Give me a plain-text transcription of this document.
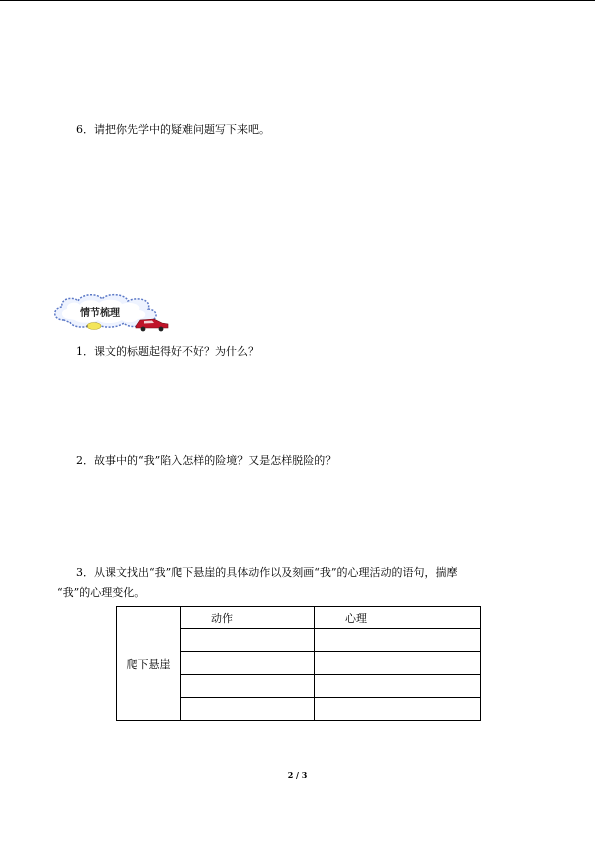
6．请把你先学中的疑难问题写下来吧。
情节梳理
1．课文的标题起得好不好？为什么？
2．故事中的“我”陷入怎样的险境？又是怎样脱险的？
3．从课文找出“我”爬下悬崖的具体动作以及刻画“我”的心理活动的语句，揣摩
“我”的心理变化。
爬下悬崖	动作	心理

2 / 3
